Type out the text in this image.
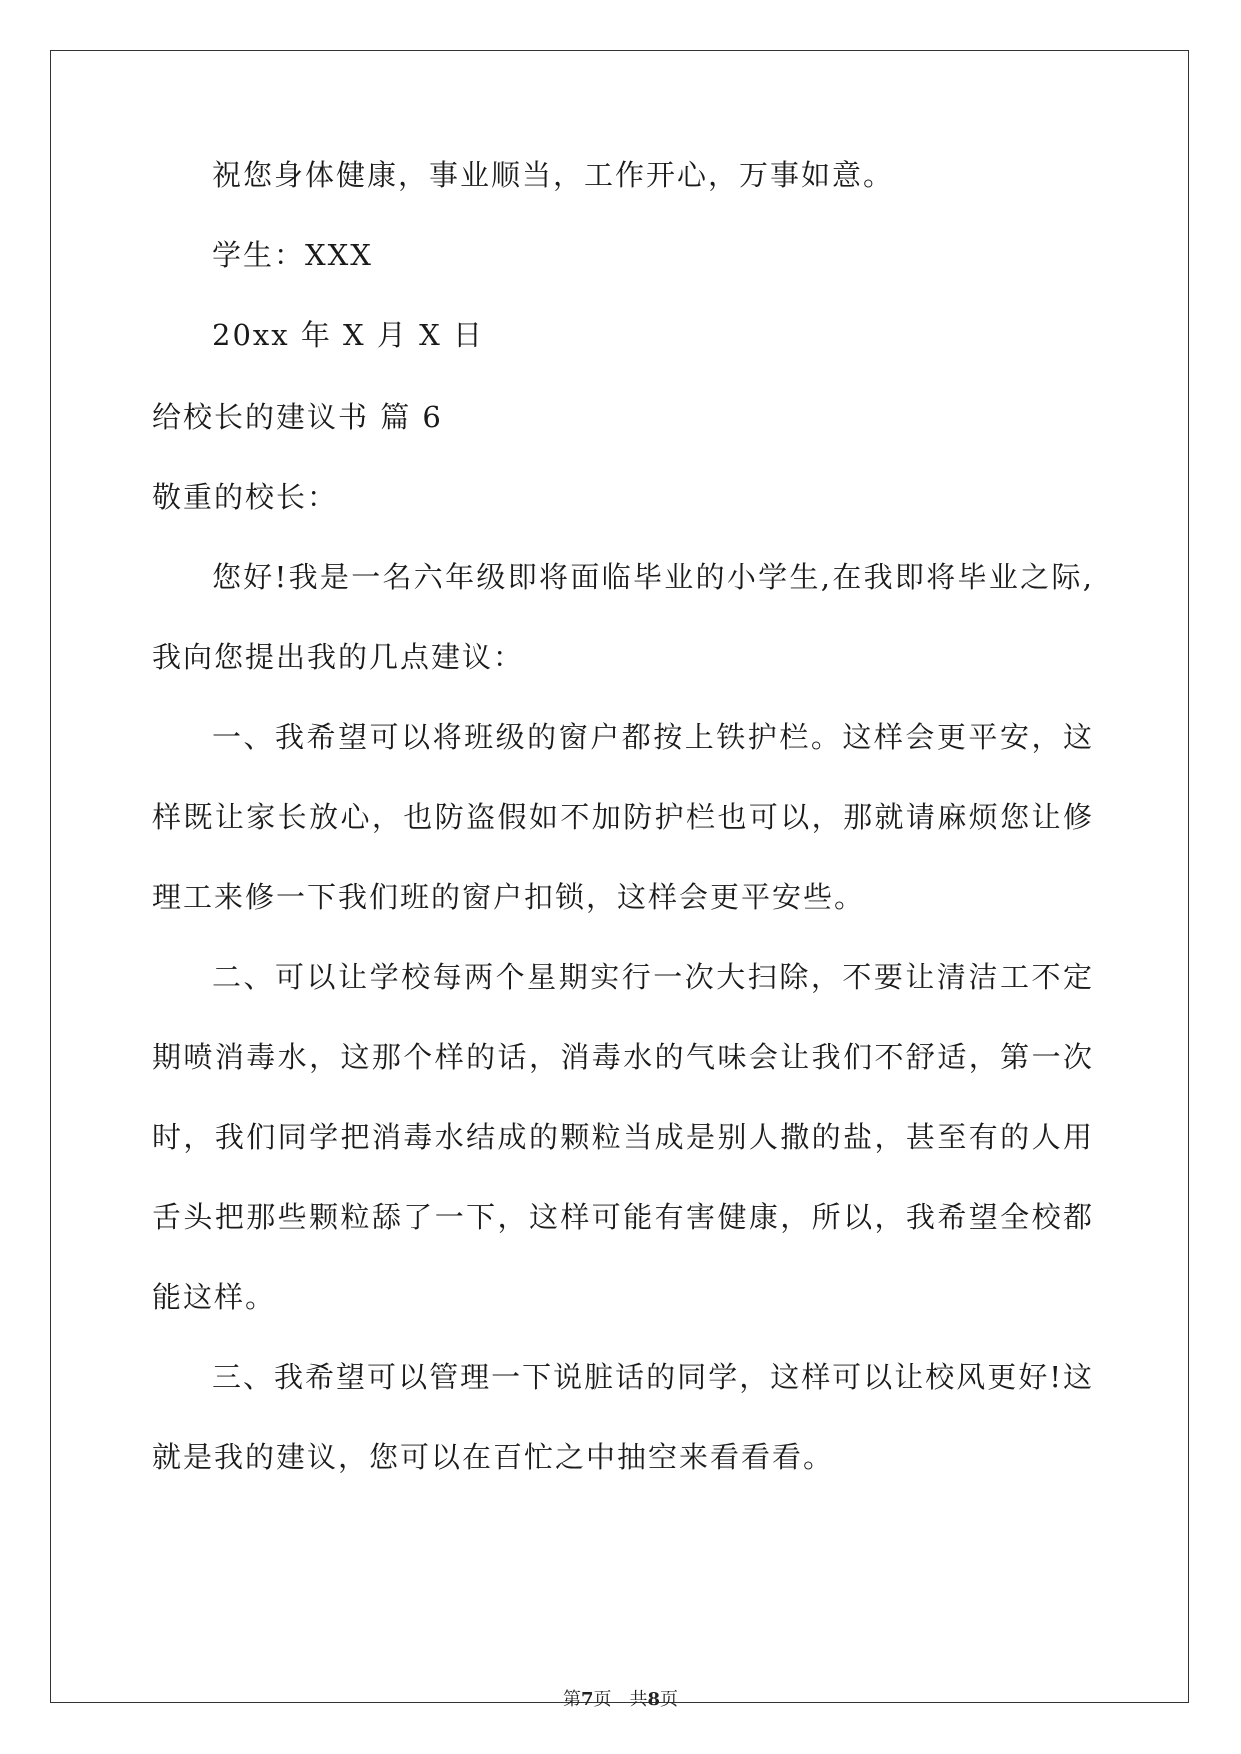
祝您身体健康，事业顺当，工作开心，万事如意。
学生：XXX
20xx 年 X 月 X 日
给校长的建议书 篇 6
敬重的校长：
您好!我是一名六年级即将面临毕业的小学生,在我即将毕业之际,
我向您提出我的几点建议：
一、我希望可以将班级的窗户都按上铁护栏。这样会更平安，这
样既让家长放心，也防盗假如不加防护栏也可以，那就请麻烦您让修
理工来修一下我们班的窗户扣锁，这样会更平安些。
二、可以让学校每两个星期实行一次大扫除，不要让清洁工不定
期喷消毒水，这那个样的话，消毒水的气味会让我们不舒适，第一次
时，我们同学把消毒水结成的颗粒当成是别人撒的盐，甚至有的人用
舌头把那些颗粒舔了一下，这样可能有害健康，所以，我希望全校都
能这样。
三、我希望可以管理一下说脏话的同学，这样可以让校风更好!这
就是我的建议，您可以在百忙之中抽空来看看看。
第7页 共8页
